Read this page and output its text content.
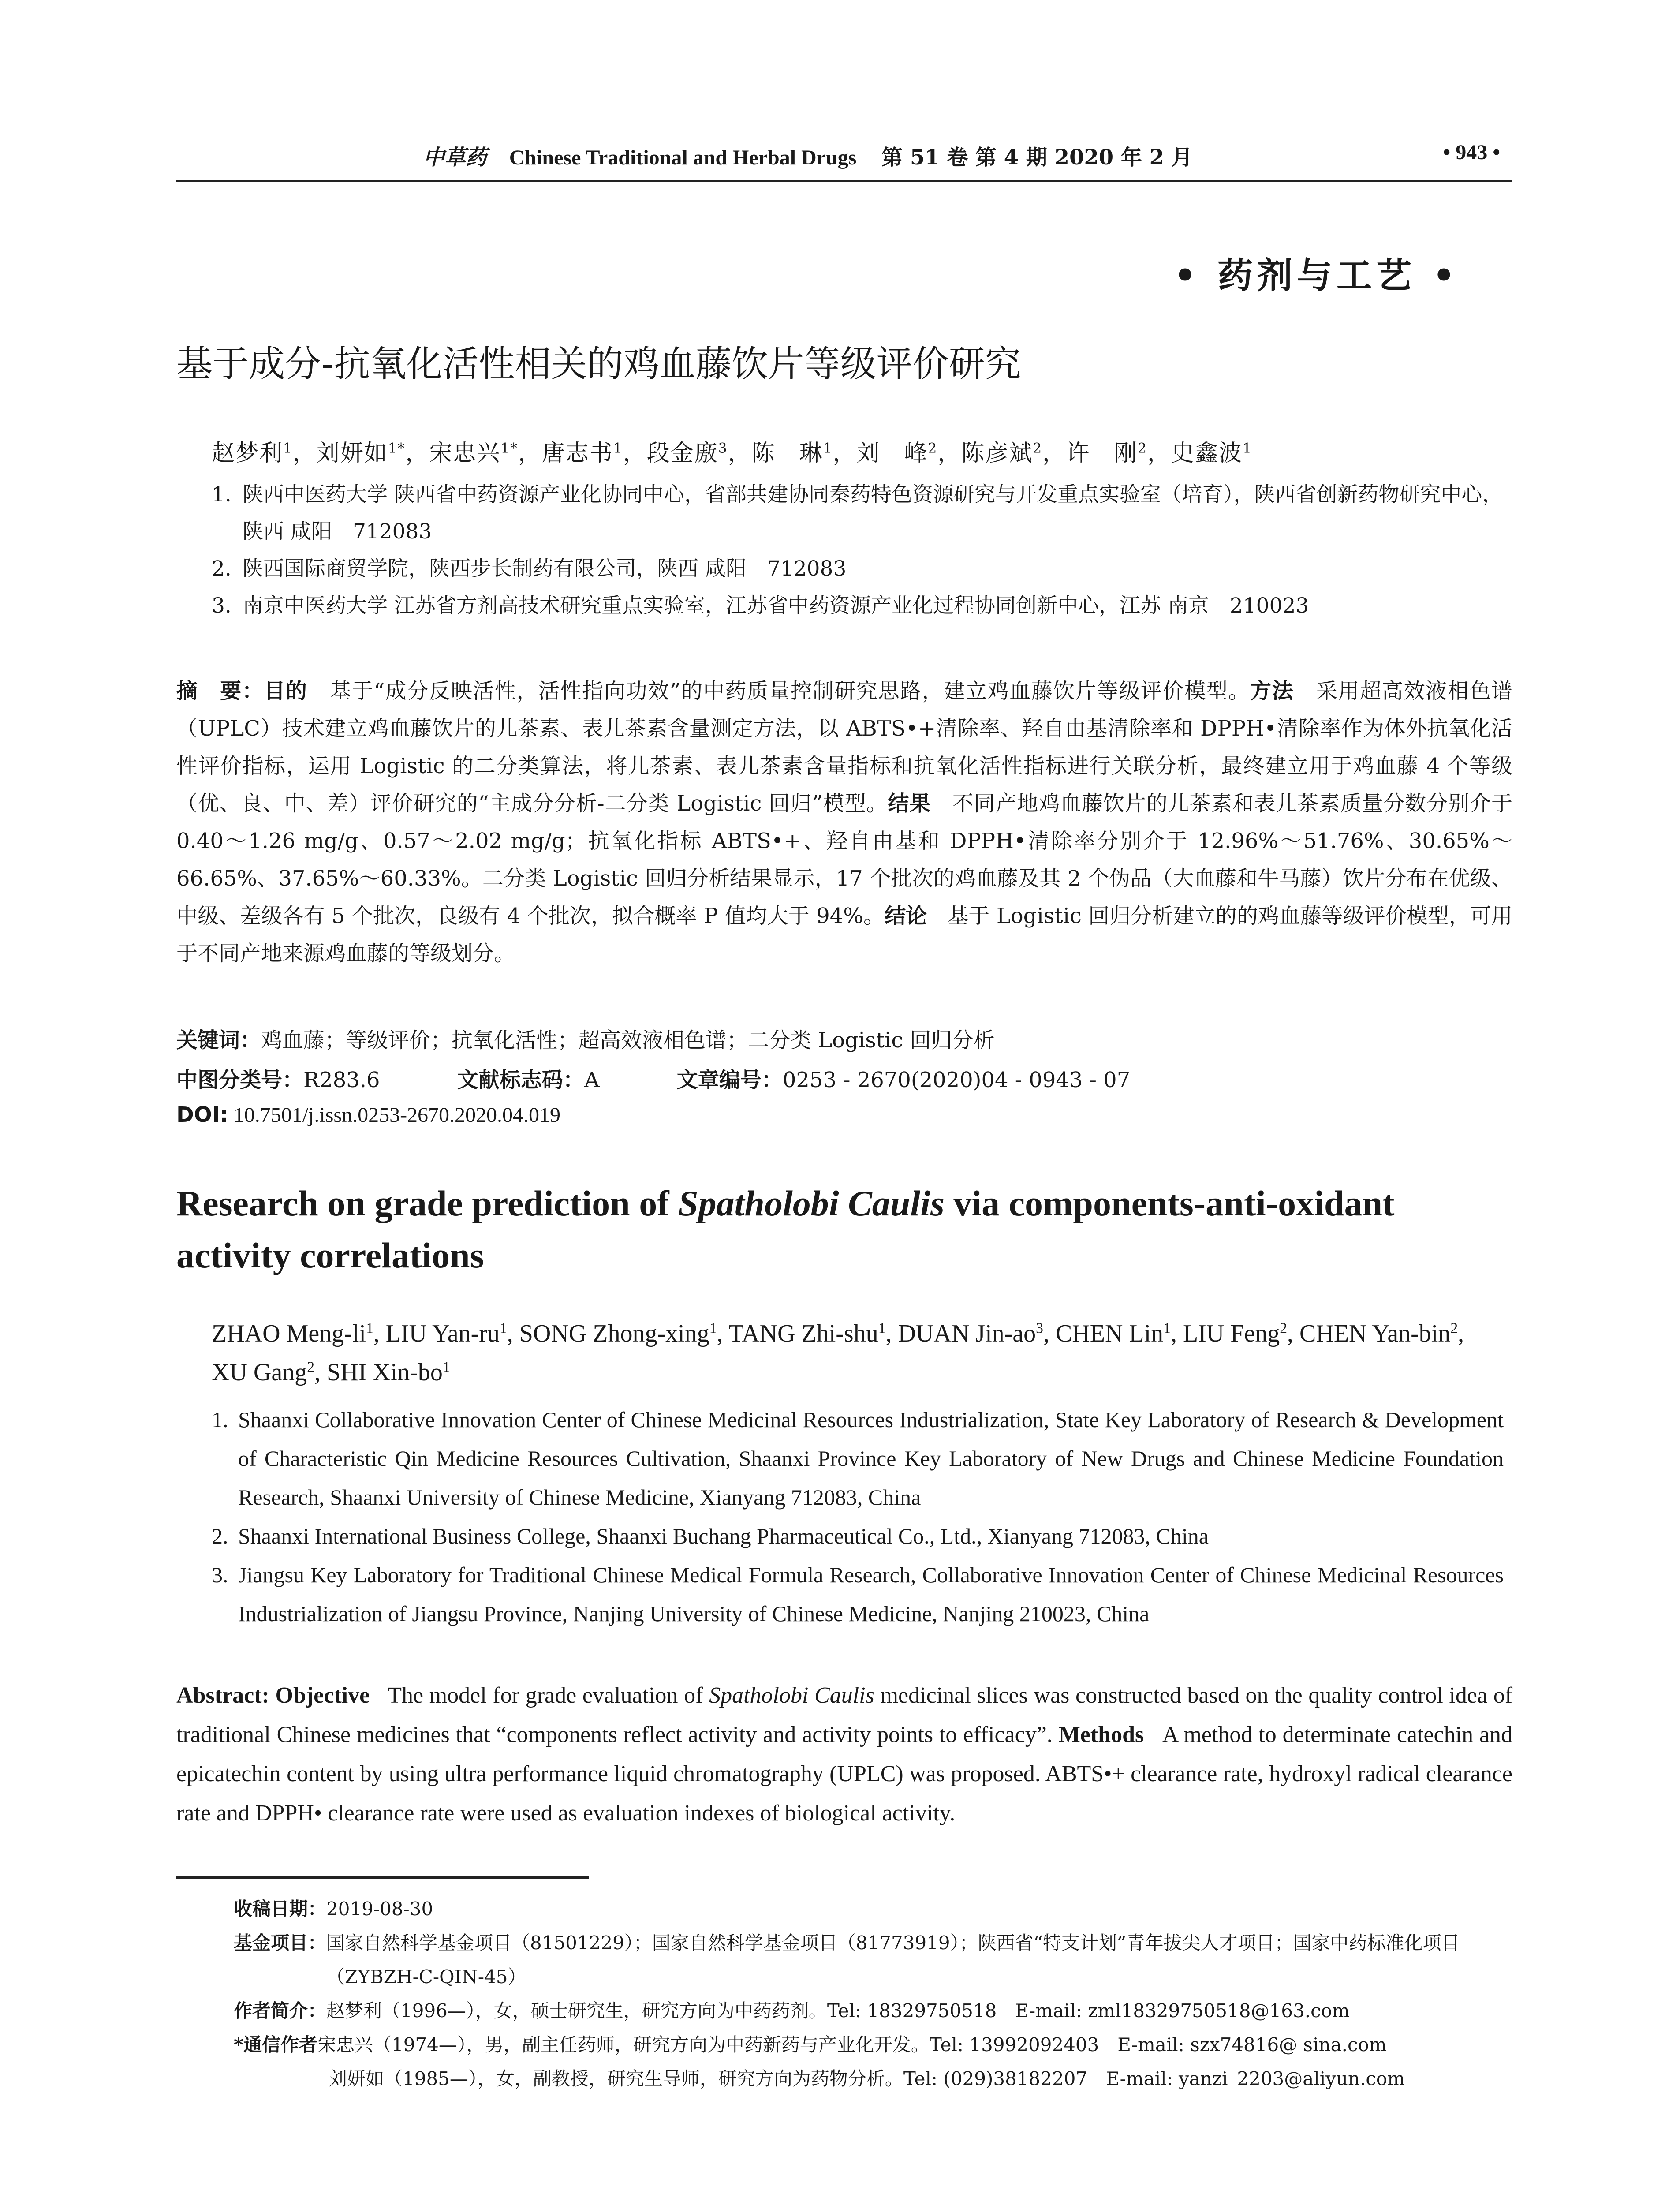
中草药 Chinese Traditional and Herbal Drugs 第 51 卷 第 4 期 2020 年 2 月	• 943 •
• 药剂与工艺 •
基于成分-抗氧化活性相关的鸡血藤饮片等级评价研究
赵梦利$^1$，刘妍如$^{1*}$，宋忠兴$^{1*}$，唐志书$^1$，段金廒$^3$，陈　琳$^1$，刘　峰$^2$，陈彦斌$^2$，许　刚$^2$，史鑫波$^1$
1. 陕西中医药大学 陕西省中药资源产业化协同中心，省部共建协同秦药特色资源研究与开发重点实验室（培育），陕西省创新药物研究中心，陕西 咸阳　712083
2. 陕西国际商贸学院，陕西步长制药有限公司，陕西 咸阳　712083
3. 南京中医药大学 江苏省方剂高技术研究重点实验室，江苏省中药资源产业化过程协同创新中心，江苏 南京　210023
摘　要：目的 基于“成分反映活性，活性指向功效”的中药质量控制研究思路，建立鸡血藤饮片等级评价模型。方法 采用超高效液相色谱（UPLC）技术建立鸡血藤饮片的儿茶素、表儿茶素含量测定方法，以 ABTS•+清除率、羟自由基清除率和 DPPH•清除率作为体外抗氧化活性评价指标，运用 Logistic 的二分类算法，将儿茶素、表儿茶素含量指标和抗氧化活性指标进行关联分析，最终建立用于鸡血藤 4 个等级（优、良、中、差）评价研究的“主成分分析-二分类 Logistic 回归”模型。结果 不同产地鸡血藤饮片的儿茶素和表儿茶素质量分数分别介于 0.40～1.26 mg/g、0.57～2.02 mg/g；抗氧化指标 ABTS•+、羟自由基和 DPPH•清除率分别介于 12.96%～51.76%、30.65%～66.65%、37.65%～60.33%。二分类 Logistic 回归分析结果显示，17 个批次的鸡血藤及其 2 个伪品（大血藤和牛马藤）饮片分布在优级、中级、差级各有 5 个批次，良级有 4 个批次，拟合概率 P 值均大于 94%。结论 基于 Logistic 回归分析建立的的鸡血藤等级评价模型，可用于不同产地来源鸡血藤的等级划分。
关键词：鸡血藤；等级评价；抗氧化活性；超高效液相色谱；二分类 Logistic 回归分析
中图分类号：R283.6	文献标志码：A	文章编号：0253 - 2670(2020)04 - 0943 - 07
DOI: 10.7501/j.issn.0253-2670.2020.04.019
Research on grade prediction of Spatholobi Caulis via components-anti-oxidant activity correlations
ZHAO Meng-$li^1$, LIU Yan-$ru^1$, SONG Zhong-xing$^1$, TANG Zhi-shu$^1$, DUAN Jin-$ao^3$, CHEN Lin$^1$, LIU Feng$^2$, CHEN Yan-bin$^2$, XU Gang$^2$, SHI Xin-$bo^1$
1. Shaanxi Collaborative Innovation Center of Chinese Medicinal Resources Industrialization, State Key Laboratory of Research & Development of Characteristic Qin Medicine Resources Cultivation, Shaanxi Province Key Laboratory of New Drugs and Chinese Medicine Foundation Research, Shaanxi University of Chinese Medicine, Xianyang 712083, China
2. Shaanxi International Business College, Shaanxi Buchang Pharmaceutical Co., Ltd., Xianyang 712083, China
3. Jiangsu Key Laboratory for Traditional Chinese Medical Formula Research, Collaborative Innovation Center of Chinese Medicinal Resources Industrialization of Jiangsu Province, Nanjing University of Chinese Medicine, Nanjing 210023, China
Abstract: Objective The model for grade evaluation of Spatholobi Caulis medicinal slices was constructed based on the quality control idea of traditional Chinese medicines that “components reflect activity and activity points to efficacy”. Methods A method to determinate catechin and epicatechin content by using ultra performance liquid chromatography (UPLC) was proposed. ABTS•+ clearance rate, hydroxyl radical clearance rate and DPPH• clearance rate were used as evaluation indexes of biological activity.
收稿日期： 2019-08-30
基金项目： 国家自然科学基金项目（81501229）；国家自然科学基金项目（81773919）；陕西省“特支计划”青年拔尖人才项目；国家中药标准化项目（ZYBZH-C-QIN-45）
作者简介： 赵梦利（1996—），女，硕士研究生，研究方向为中药药剂。Tel: 18329750518　E-mail: zml18329750518@163.com
*通信作者 宋忠兴（1974—），男，副主任药师，研究方向为中药新药与产业化开发。Tel: 13992092403　E-mail: szx74816@ sina.com
刘妍如（1985—），女，副教授，研究生导师，研究方向为药物分析。Tel: (029)38182207　E-mail: yanzi_2203@aliyun.com
